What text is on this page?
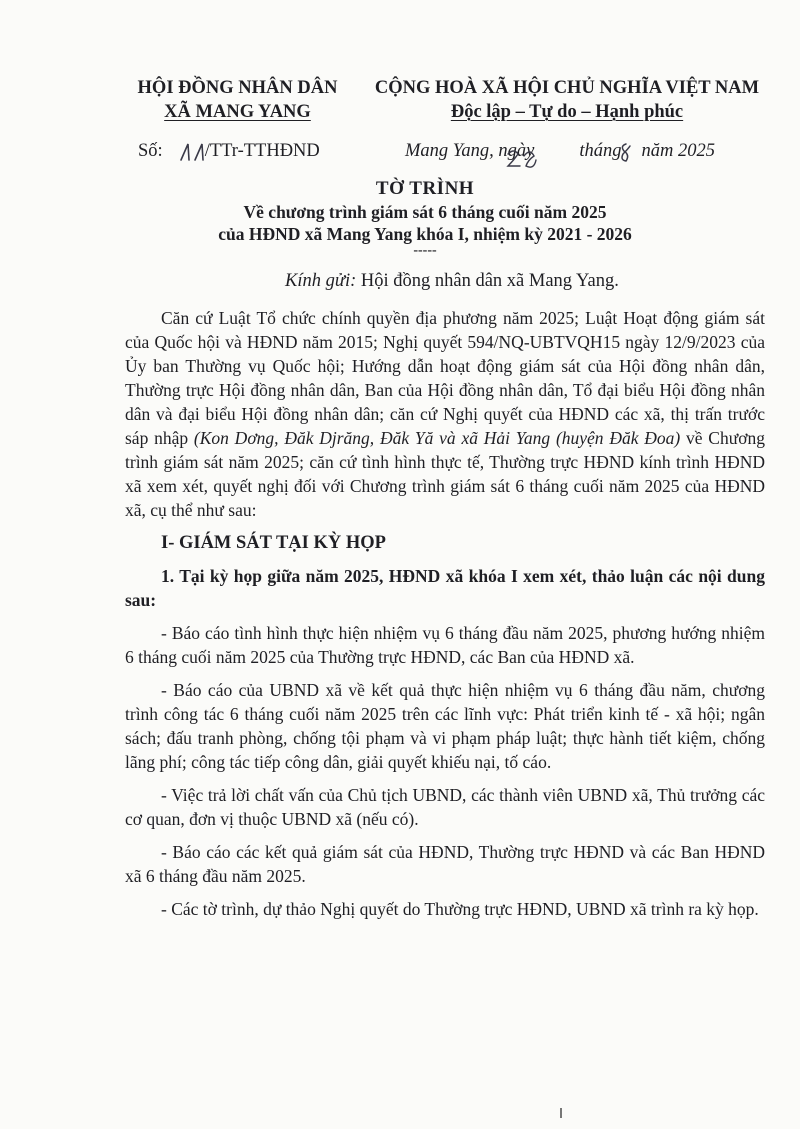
HỘI ĐỒNG NHÂN DÂN
XÃ MANG YANG
CỘNG HOÀ XÃ HỘI CHỦ NGHĨA VIỆT NAM
Độc lập – Tự do – Hạnh phúc
Số: /TTr-TTHĐND	Mang Yang, ngày tháng năm 2025
TỜ TRÌNH
Về chương trình giám sát 6 tháng cuối năm 2025
của HĐND xã Mang Yang khóa I, nhiệm kỳ 2021 - 2026
-----
Kính gửi: Hội đồng nhân dân xã Mang Yang.

Căn cứ Luật Tổ chức chính quyền địa phương năm 2025; Luật Hoạt động giám sát của Quốc hội và HĐND năm 2015; Nghị quyết 594/NQ-UBTVQH15 ngày 12/9/2023 của Ủy ban Thường vụ Quốc hội; Hướng dẫn hoạt động giám sát của Hội đồng nhân dân, Thường trực Hội đồng nhân dân, Ban của Hội đồng nhân dân, Tổ đại biểu Hội đồng nhân dân và đại biểu Hội đồng nhân dân; căn cứ Nghị quyết của HĐND các xã, thị trấn trước sáp nhập (Kon Dơng, Đăk Djrăng, Đăk Yă và xã Hải Yang (huyện Đăk Đoa) về Chương trình giám sát năm 2025; căn cứ tình hình thực tế, Thường trực HĐND kính trình HĐND xã xem xét, quyết nghị đối với Chương trình giám sát 6 tháng cuối năm 2025 của HĐND xã, cụ thể như sau:

I- GIÁM SÁT TẠI KỲ HỌP

1. Tại kỳ họp giữa năm 2025, HĐND xã khóa I xem xét, thảo luận các nội dung sau:

- Báo cáo tình hình thực hiện nhiệm vụ 6 tháng đầu năm 2025, phương hướng nhiệm 6 tháng cuối năm 2025 của Thường trực HĐND, các Ban của HĐND xã.

- Báo cáo của UBND xã về kết quả thực hiện nhiệm vụ 6 tháng đầu năm, chương trình công tác 6 tháng cuối năm 2025 trên các lĩnh vực: Phát triển kinh tế - xã hội; ngân sách; đấu tranh phòng, chống tội phạm và vi phạm pháp luật; thực hành tiết kiệm, chống lãng phí; công tác tiếp công dân, giải quyết khiếu nại, tố cáo.

- Việc trả lời chất vấn của Chủ tịch UBND, các thành viên UBND xã, Thủ trưởng các cơ quan, đơn vị thuộc UBND xã (nếu có).

- Báo cáo các kết quả giám sát của HĐND, Thường trực HĐND và các Ban HĐND xã 6 tháng đầu năm 2025.

- Các tờ trình, dự thảo Nghị quyết do Thường trực HĐND, UBND xã trình ra kỳ họp.
